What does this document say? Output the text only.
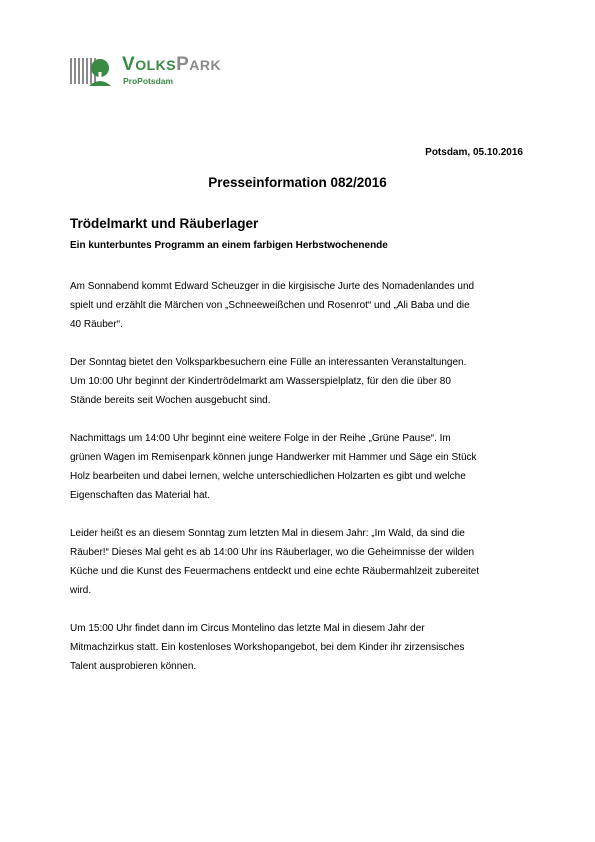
VOLKSPARK
ProPotsdam
Potsdam, 05.10.2016
Presseinformation 082/2016
Trödelmarkt und Räuberlager
Ein kunterbuntes Programm an einem farbigen Herbstwochenende

Am Sonnabend kommt Edward Scheuzger in die kirgisische Jurte des Nomadenlandes und
spielt und erzählt die Märchen von „Schneeweißchen und Rosenrot“ und „Ali Baba und die
40 Räuber“.

Der Sonntag bietet den Volksparkbesuchern eine Fülle an interessanten Veranstaltungen.
Um 10:00 Uhr beginnt der Kindertrödelmarkt am Wasserspielplatz, für den die über 80
Stände bereits seit Wochen ausgebucht sind.

Nachmittags um 14:00 Uhr beginnt eine weitere Folge in der Reihe „Grüne Pause“. Im
grünen Wagen im Remisenpark können junge Handwerker mit Hammer und Säge ein Stück
Holz bearbeiten und dabei lernen, welche unterschiedlichen Holzarten es gibt und welche
Eigenschaften das Material hat.

Leider heißt es an diesem Sonntag zum letzten Mal in diesem Jahr: „Im Wald, da sind die
Räuber!“ Dieses Mal geht es ab 14:00 Uhr ins Räuberlager, wo die Geheimnisse der wilden
Küche und die Kunst des Feuermachens entdeckt und eine echte Räubermahlzeit zubereitet
wird.

Um 15:00 Uhr findet dann im Circus Montelino das letzte Mal in diesem Jahr der
Mitmachzirkus statt. Ein kostenloses Workshopangebot, bei dem Kinder ihr zirzensisches
Talent ausprobieren können.
